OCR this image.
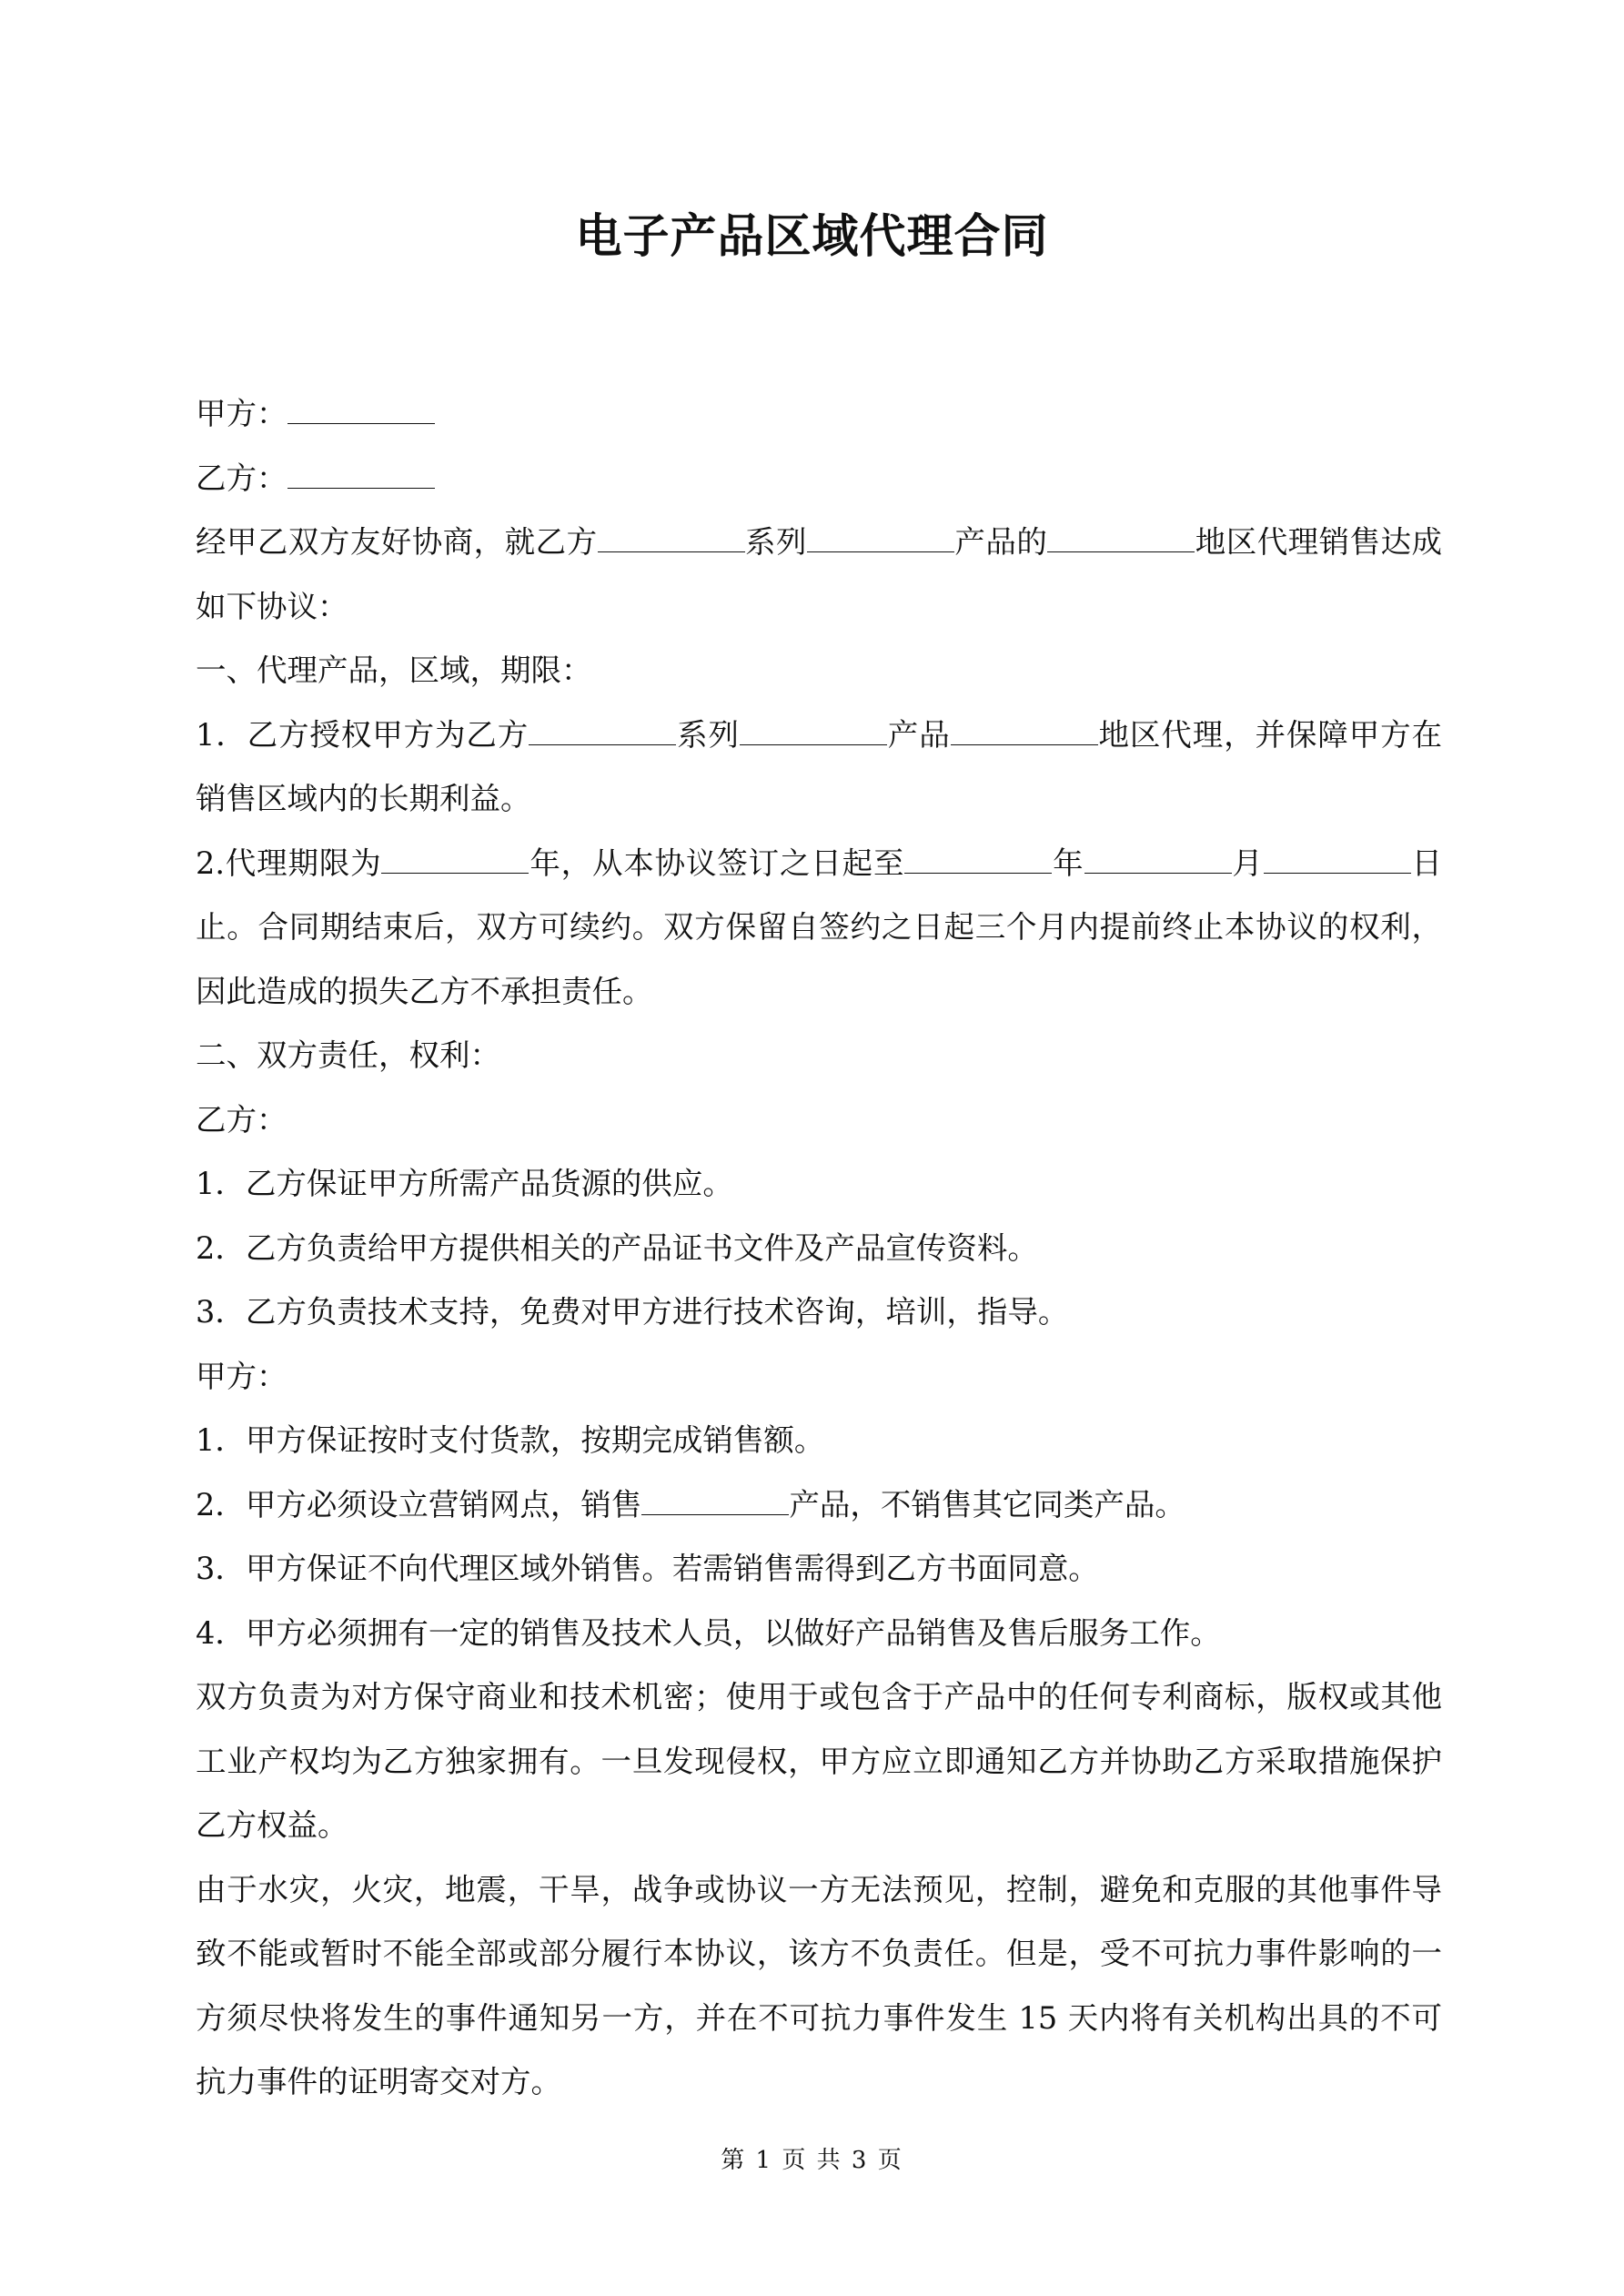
电子产品区域代理合同

甲方：

乙方：

经甲乙双方友好协商，就乙方	系列	产品的	地区代理销售达成如下协议：

一、代理产品，区域，期限：

1．乙方授权甲方为乙方	系列	产品	地区代理，并保障甲方在销售区域内的长期利益。

2.代理期限为	年，从本协议签订之日起至	年	月	日止。合同期结束后，双方可续约。双方保留自签约之日起三个月内提前终止本协议的权利，因此造成的损失乙方不承担责任。

二、双方责任，权利：

乙方：

1．乙方保证甲方所需产品货源的供应。

2．乙方负责给甲方提供相关的产品证书文件及产品宣传资料。

3．乙方负责技术支持，免费对甲方进行技术咨询，培训，指导。

甲方：

1．甲方保证按时支付货款，按期完成销售额。

2．甲方必须设立营销网点，销售	产品，不销售其它同类产品。

3．甲方保证不向代理区域外销售。若需销售需得到乙方书面同意。

4．甲方必须拥有一定的销售及技术人员，以做好产品销售及售后服务工作。

双方负责为对方保守商业和技术机密；使用于或包含于产品中的任何专利商标，版权或其他工业产权均为乙方独家拥有。一旦发现侵权，甲方应立即通知乙方并协助乙方采取措施保护乙方权益。

由于水灾，火灾，地震，干旱，战争或协议一方无法预见，控制，避免和克服的其他事件导致不能或暂时不能全部或部分履行本协议，该方不负责任。但是，受不可抗力事件影响的一方须尽快将发生的事件通知另一方，并在不可抗力事件发生 15 天内将有关机构出具的不可抗力事件的证明寄交对方。

第 1 页 共 3 页
